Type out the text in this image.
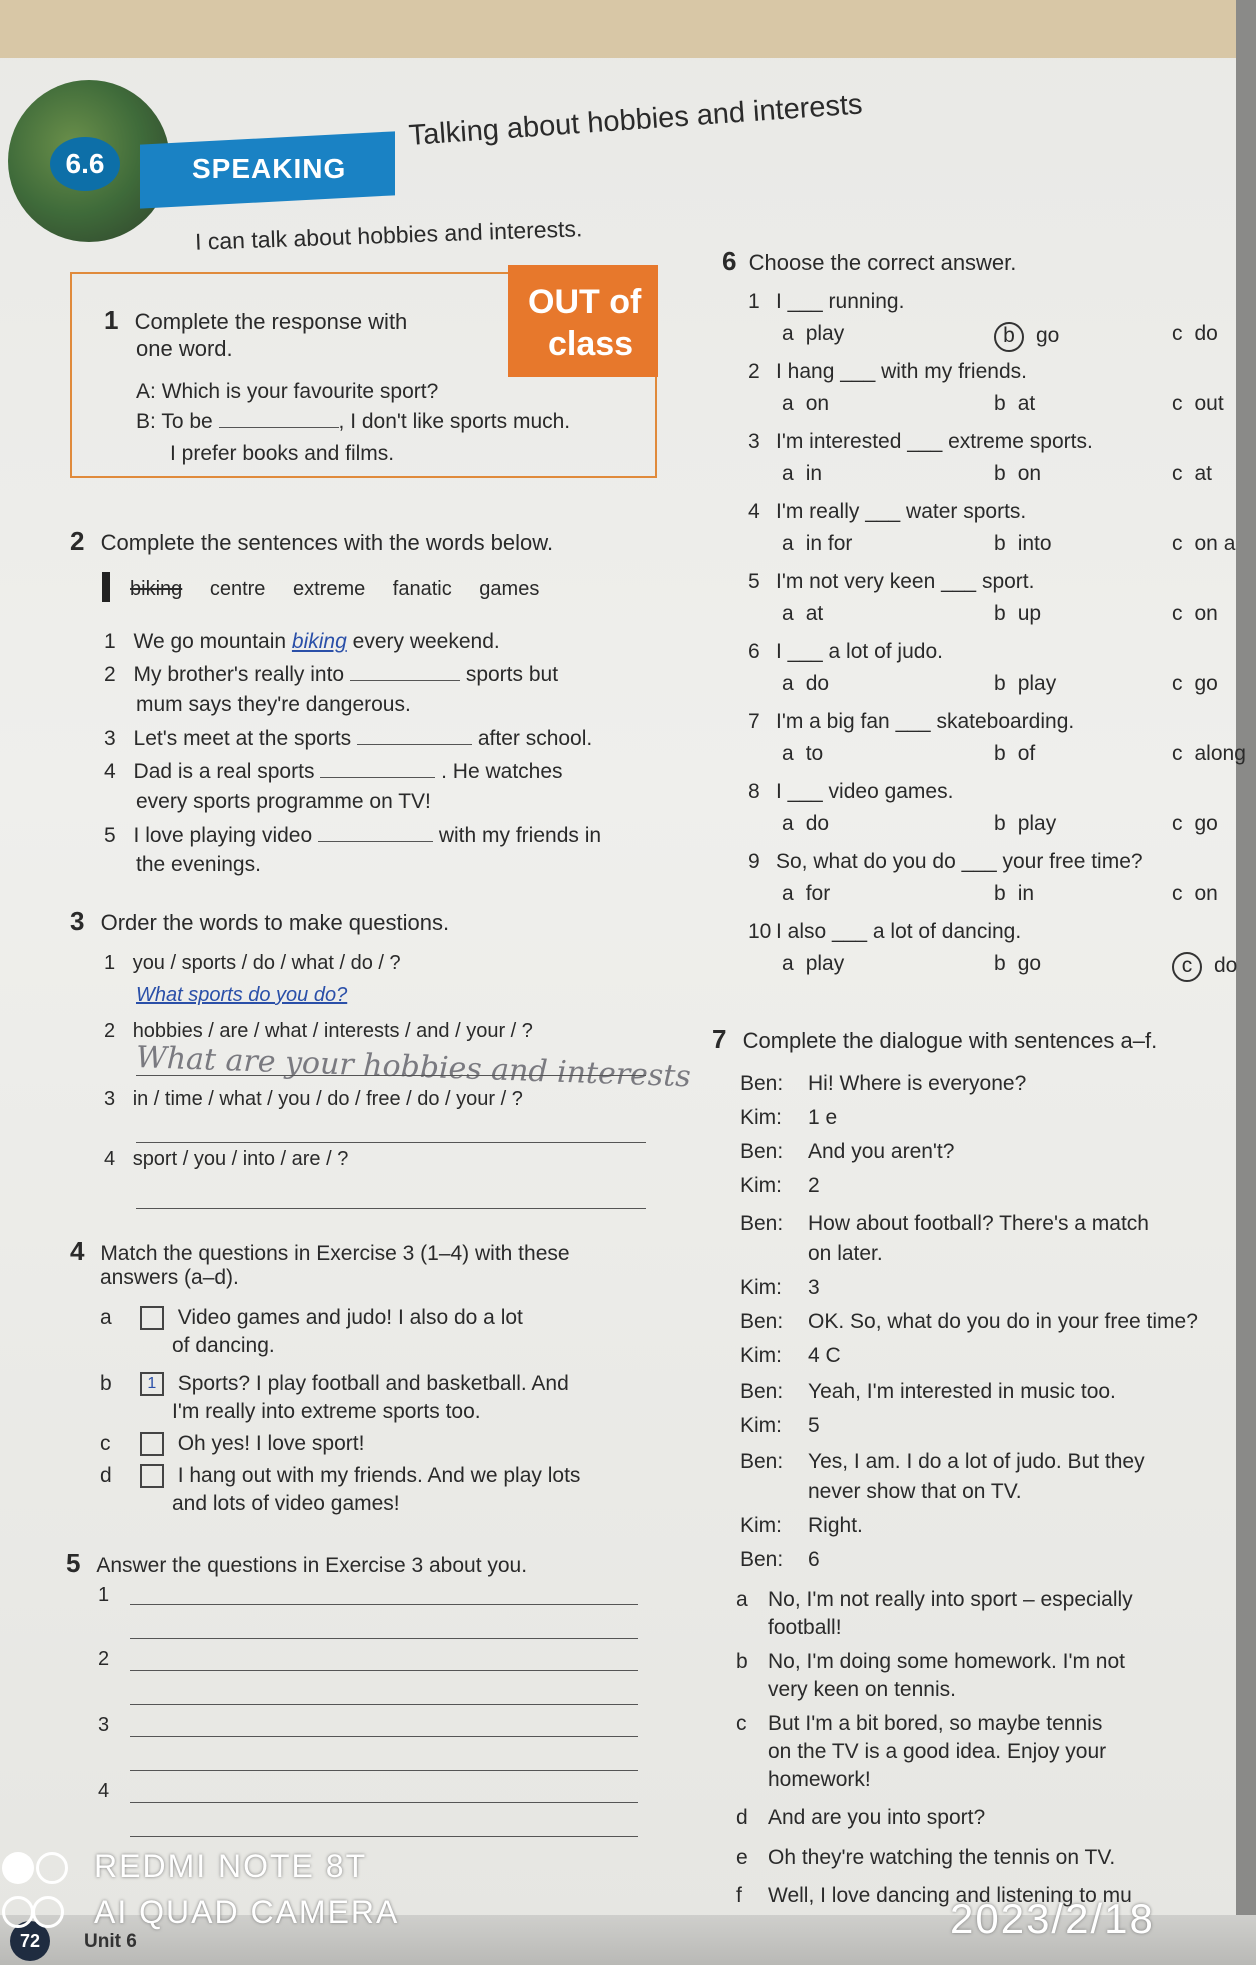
6.6	SPEAKING
Talking about hobbies and interests
I can talk about hobbies and interests.
OUT of
class
1 Complete the response with
one word.
A: Which is your favourite sport?
B: To be	, I don't like sports much.
I prefer books and films.
2 Complete the sentences with the words below.
biking centre extreme fanatic games
1 We go mountain biking every weekend.
2 My brother's really into	sports but
mum says they're dangerous.
3 Let's meet at the sports	after school.
4 Dad is a real sports	. He watches
every sports programme on TV!
5 I love playing video	with my friends in
the evenings.
3 Order the words to make questions.
1 you / sports / do / what / do / ?
What sports do you do?
2 hobbies / are / what / interests / and / your / ?
What are your hobbies and interests
3 in / time / what / you / do / free / do / your / ?
4 sport / you / into / are / ?
4 Match the questions in Exercise 3 (1–4) with these
answers (a–d).
a	Video games and judo! I also do a lot
of dancing.
b 1 Sports? I play football and basketball. And
I'm really into extreme sports too.
c	Oh yes! I love sport!
d	I hang out with my friends. And we play lots
and lots of video games!
5 Answer the questions in Exercise 3 about you.
1
2
3
4
6 Choose the correct answer.
1 I ___ running.
a play	b go	c do
2 I hang ___ with my friends.
a on	b at	c out
3 I'm interested ___ extreme sports.
a in	b on	c at
4 I'm really ___ water sports.
a in for	b into	c on a
5 I'm not very keen ___ sport.
a at	b up	c on
6 I ___ a lot of judo.
a do	b play	c go
7 I'm a big fan ___ skateboarding.
a to	b of	c along
8 I ___ video games.
a do	b play	c go
9 So, what do you do ___ your free time?
a for	b in	c on
10 I also ___ a lot of dancing.
a play	b go	c do
7 Complete the dialogue with sentences a–f.
Ben: Hi! Where is everyone?
Kim: 1 e
Ben: And you aren't?
Kim: 2
Ben: How about football? There's a match
on later.
Kim: 3
Ben: OK. So, what do you do in your free time?
Kim: 4 C
Ben: Yeah, I'm interested in music too.
Kim: 5
Ben: Yes, I am. I do a lot of judo. But they
never show that on TV.
Kim: Right.
Ben: 6
a No, I'm not really into sport – especially
football!
b No, I'm doing some homework. I'm not
very keen on tennis.
c But I'm a bit bored, so maybe tennis
on the TV is a good idea. Enjoy your
homework!
d And are you into sport?
e Oh they're watching the tennis on TV.
f Well, I love dancing and listening to mu
72	Unit 6
REDMI NOTE 8T
AI QUAD CAMERA	2023/2/18
